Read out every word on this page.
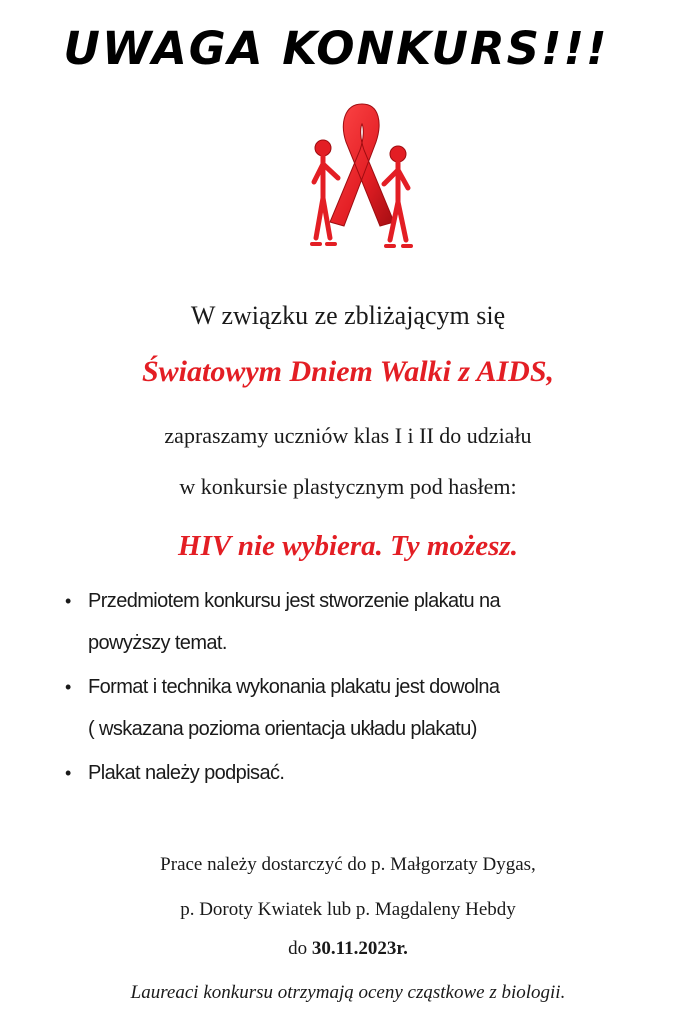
UWAGA KONKURS!!!

W związku ze zbliżającym się

Światowym Dniem Walki z AIDS,

zapraszamy uczniów klas I i II do udziału

w konkursie plastycznym pod hasłem:

HIV nie wybiera. Ty możesz.

• Przedmiotem konkursu jest stworzenie plakatu na
powyższy temat.
• Format i technika wykonania plakatu jest dowolna
( wskazana pozioma orientacja układu plakatu)
• Plakat należy podpisać.

Prace należy dostarczyć do p. Małgorzaty Dygas,

p. Doroty Kwiatek lub p. Magdaleny Hebdy

do 30.11.2023r.

Laureaci konkursu otrzymają oceny cząstkowe z biologii.
